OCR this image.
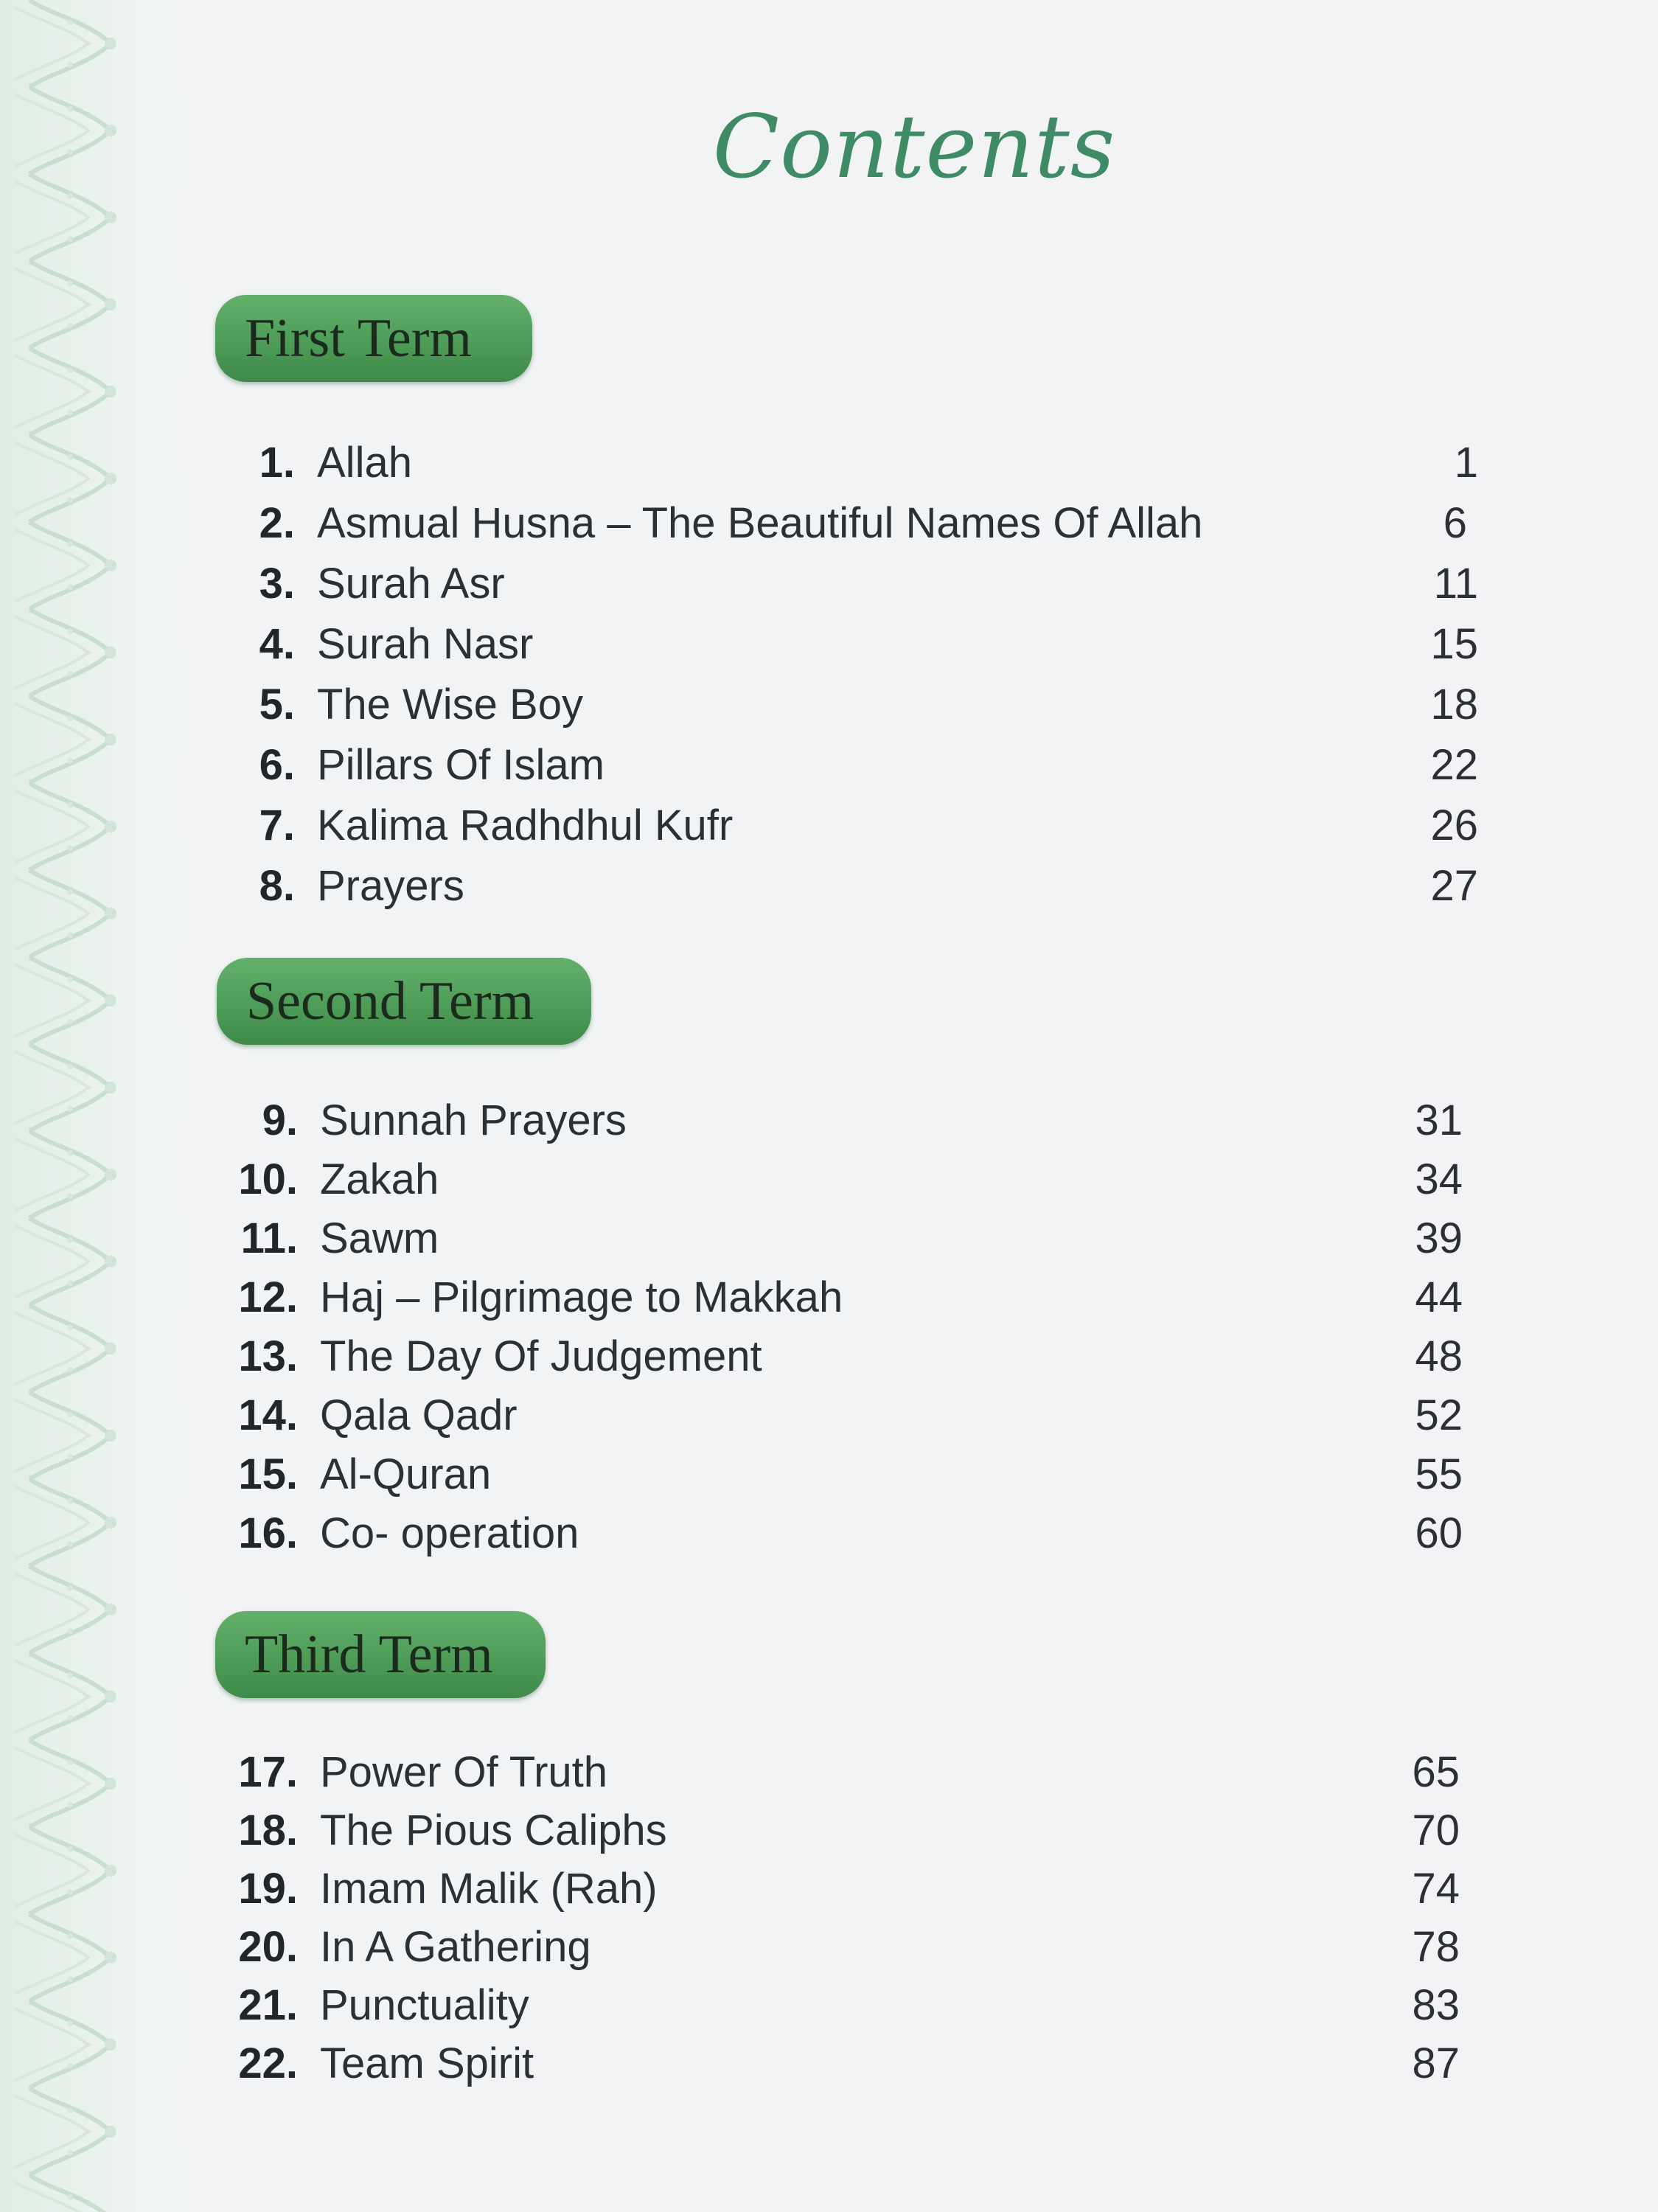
Contents
First Term
1. Allah	1
2. Asmual Husna – The Beautiful Names Of Allah	6
3. Surah Asr	11
4. Surah Nasr	15
5. The Wise Boy	18
6. Pillars Of Islam	22
7. Kalima Radhdhul Kufr	26
8. Prayers	27
Second Term
9. Sunnah Prayers	31
10. Zakah	34
11. Sawm	39
12. Haj – Pilgrimage to Makkah	44
13. The Day Of Judgement	48
14. Qala Qadr	52
15. Al-Quran	55
16. Co- operation	60
Third Term
17. Power Of Truth	65
18. The Pious Caliphs	70
19. Imam Malik (Rah)	74
20. In A Gathering	78
21. Punctuality	83
22. Team Spirit	87
